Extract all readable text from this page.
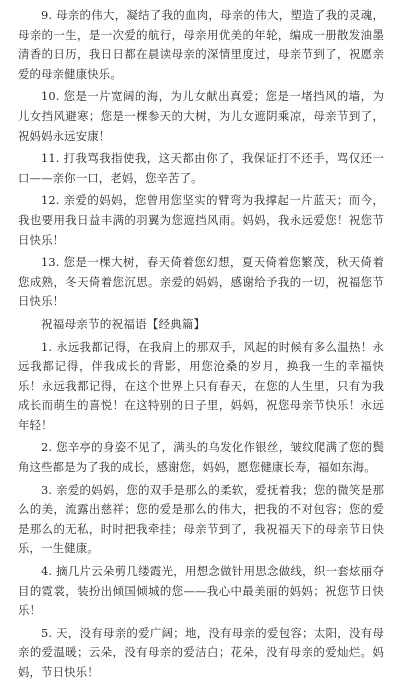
9. 母亲的伟大，凝结了我的血肉，母亲的伟大，塑造了我的灵魂，母亲的一生，是一次爱的航行，母亲用优美的年轮，编成一册散发油墨清香的日历，我日日都在晨读母亲的深情里度过，母亲节到了，祝愿亲爱的母亲健康快乐。

10. 您是一片宽阔的海，为儿女献出真爱；您是一堵挡风的墙，为儿女挡风避寒；您是一棵参天的大树，为儿女遮阴乘凉，母亲节到了，祝妈妈永远安康！

11. 打我骂我指使我，这天都由你了，我保证打不还手，骂仅还一口——亲你一口，老妈，您辛苦了。

12. 亲爱的妈妈，您曾用您坚实的臂弯为我撑起一片蓝天；而今，我也要用我日益丰满的羽翼为您遮挡风雨。妈妈，我永远爱您！祝您节日快乐！

13. 您是一棵大树，春天倚着您幻想，夏天倚着您繁茂，秋天倚着您成熟，冬天倚着您沉思。亲爱的妈妈，感谢给予我的一切，祝福您节日快乐！

祝福母亲节的祝福语【经典篇】

1. 永远我都记得，在我肩上的那双手，风起的时候有多么温热！永远我都记得，伴我成长的背影，用您沧桑的岁月，换我一生的幸福快乐！永远我都记得，在这个世界上只有春天，在您的人生里，只有为我成长而萌生的喜悦！在这特别的日子里，妈妈，祝您母亲节快乐！永远年轻！

2. 您辛亭的身姿不见了，满头的乌发化作银丝，皱纹爬满了您的鬓角这些都是为了我的成长，感谢您，妈妈，愿您健康长寿，福如东海。

3. 亲爱的妈妈，您的双手是那么的柔软，爱抚着我；您的微笑是那么的美，流露出慈祥；您的爱是那么的伟大，把我的不对包容；您的爱是那么的无私，时时把我牵挂；母亲节到了，我祝福天下的母亲节日快乐，一生健康。

4. 摘几片云朵剪几缕霞光，用想念做针用思念做线，织一套炫丽夺目的霓裳，装扮出倾国倾城的您——我心中最美丽的妈妈；祝您节日快乐！

5. 天，没有母亲的爱广阔；地，没有母亲的爱包容；太阳，没有母亲的爱温暖；云朵，没有母亲的爱洁白；花朵，没有母亲的爱灿烂。妈妈，节日快乐！
